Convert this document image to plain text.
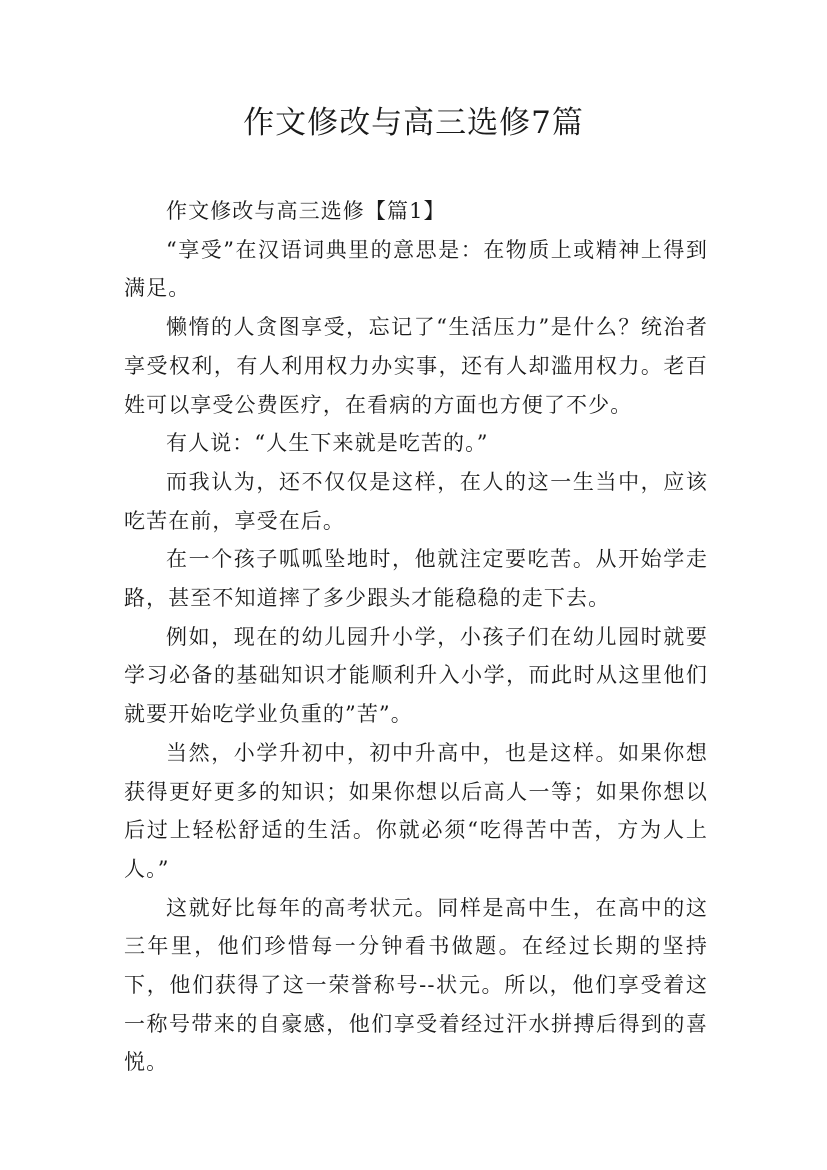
作文修改与高三选修7篇

作文修改与高三选修【篇1】

“享受”在汉语词典里的意思是：在物质上或精神上得到满足。

懒惰的人贪图享受，忘记了“生活压力”是什么？统治者享受权利，有人利用权力办实事，还有人却滥用权力。老百姓可以享受公费医疗，在看病的方面也方便了不少。

有人说：“人生下来就是吃苦的。”

而我认为，还不仅仅是这样，在人的这一生当中，应该吃苦在前，享受在后。

在一个孩子呱呱坠地时，他就注定要吃苦。从开始学走路，甚至不知道摔了多少跟头才能稳稳的走下去。

例如，现在的幼儿园升小学，小孩子们在幼儿园时就要学习必备的基础知识才能顺利升入小学，而此时从这里他们就要开始吃学业负重的”苦”。

当然，小学升初中，初中升高中，也是这样。如果你想获得更好更多的知识；如果你想以后高人一等；如果你想以后过上轻松舒适的生活。你就必须“吃得苦中苦，方为人上人。”

这就好比每年的高考状元。同样是高中生，在高中的这三年里，他们珍惜每一分钟看书做题。在经过长期的坚持下，他们获得了这一荣誉称号--状元。所以，他们享受着这一称号带来的自豪感，他们享受着经过汗水拼搏后得到的喜悦。
